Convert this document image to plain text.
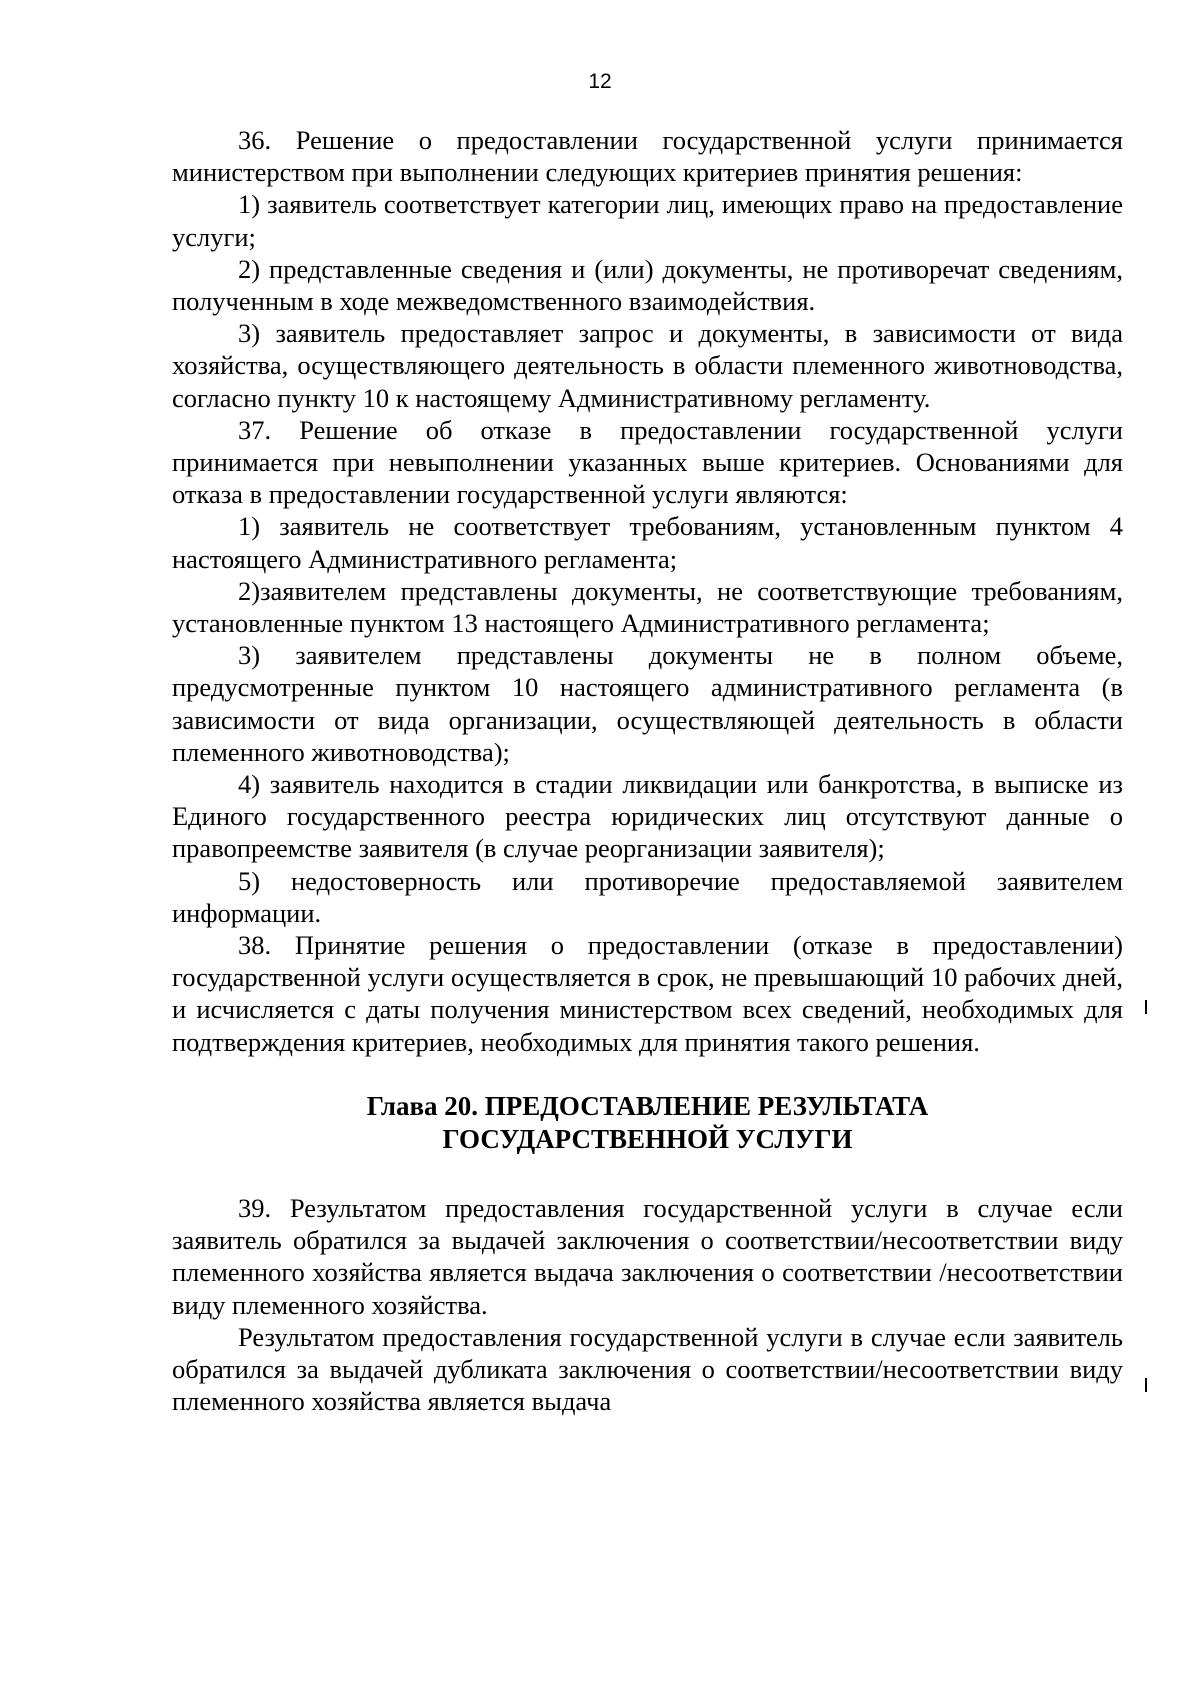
12

36. Решение о предоставлении государственной услуги принимается министерством при выполнении следующих критериев принятия решения:

1) заявитель соответствует категории лиц, имеющих право на предоставление услуги;

2) представленные сведения и (или) документы, не противоречат сведениям, полученным в ходе межведомственного взаимодействия.

3) заявитель предоставляет запрос и документы, в зависимости от вида хозяйства, осуществляющего деятельность в области племенного животноводства, согласно пункту 10 к настоящему Административному регламенту.

37. Решение об отказе в предоставлении государственной услуги принимается при невыполнении указанных выше критериев. Основаниями для отказа в предоставлении государственной услуги являются:

1) заявитель не соответствует требованиям, установленным пунктом 4 настоящего Административного регламента;

2)заявителем представлены документы, не соответствующие требованиям, установленные пунктом 13 настоящего Административного регламента;

3) заявителем представлены документы не в полном объеме, предусмотренные пунктом 10 настоящего административного регламента (в зависимости от вида организации, осуществляющей деятельность в области племенного животноводства);

4) заявитель находится в стадии ликвидации или банкротства, в выписке из Единого государственного реестра юридических лиц отсутствуют данные о правопреемстве заявителя (в случае реорганизации заявителя);

5) недостоверность или противоречие предоставляемой заявителем информации.

38. Принятие решения о предоставлении (отказе в предоставлении) государственной услуги осуществляется в срок, не превышающий 10 рабочих дней, и исчисляется с даты получения министерством всех сведений, необходимых для подтверждения критериев, необходимых для принятия такого решения.

Глава 20. ПРЕДОСТАВЛЕНИЕ РЕЗУЛЬТАТА
ГОСУДАРСТВЕННОЙ УСЛУГИ

39. Результатом предоставления государственной услуги в случае если заявитель обратился за выдачей заключения о соответствии/несоответствии виду племенного хозяйства является выдача заключения о соответствии /несоответствии виду племенного хозяйства.

Результатом предоставления государственной услуги в случае если заявитель обратился за выдачей дубликата заключения о соответствии/несоответствии виду племенного хозяйства является выдача
